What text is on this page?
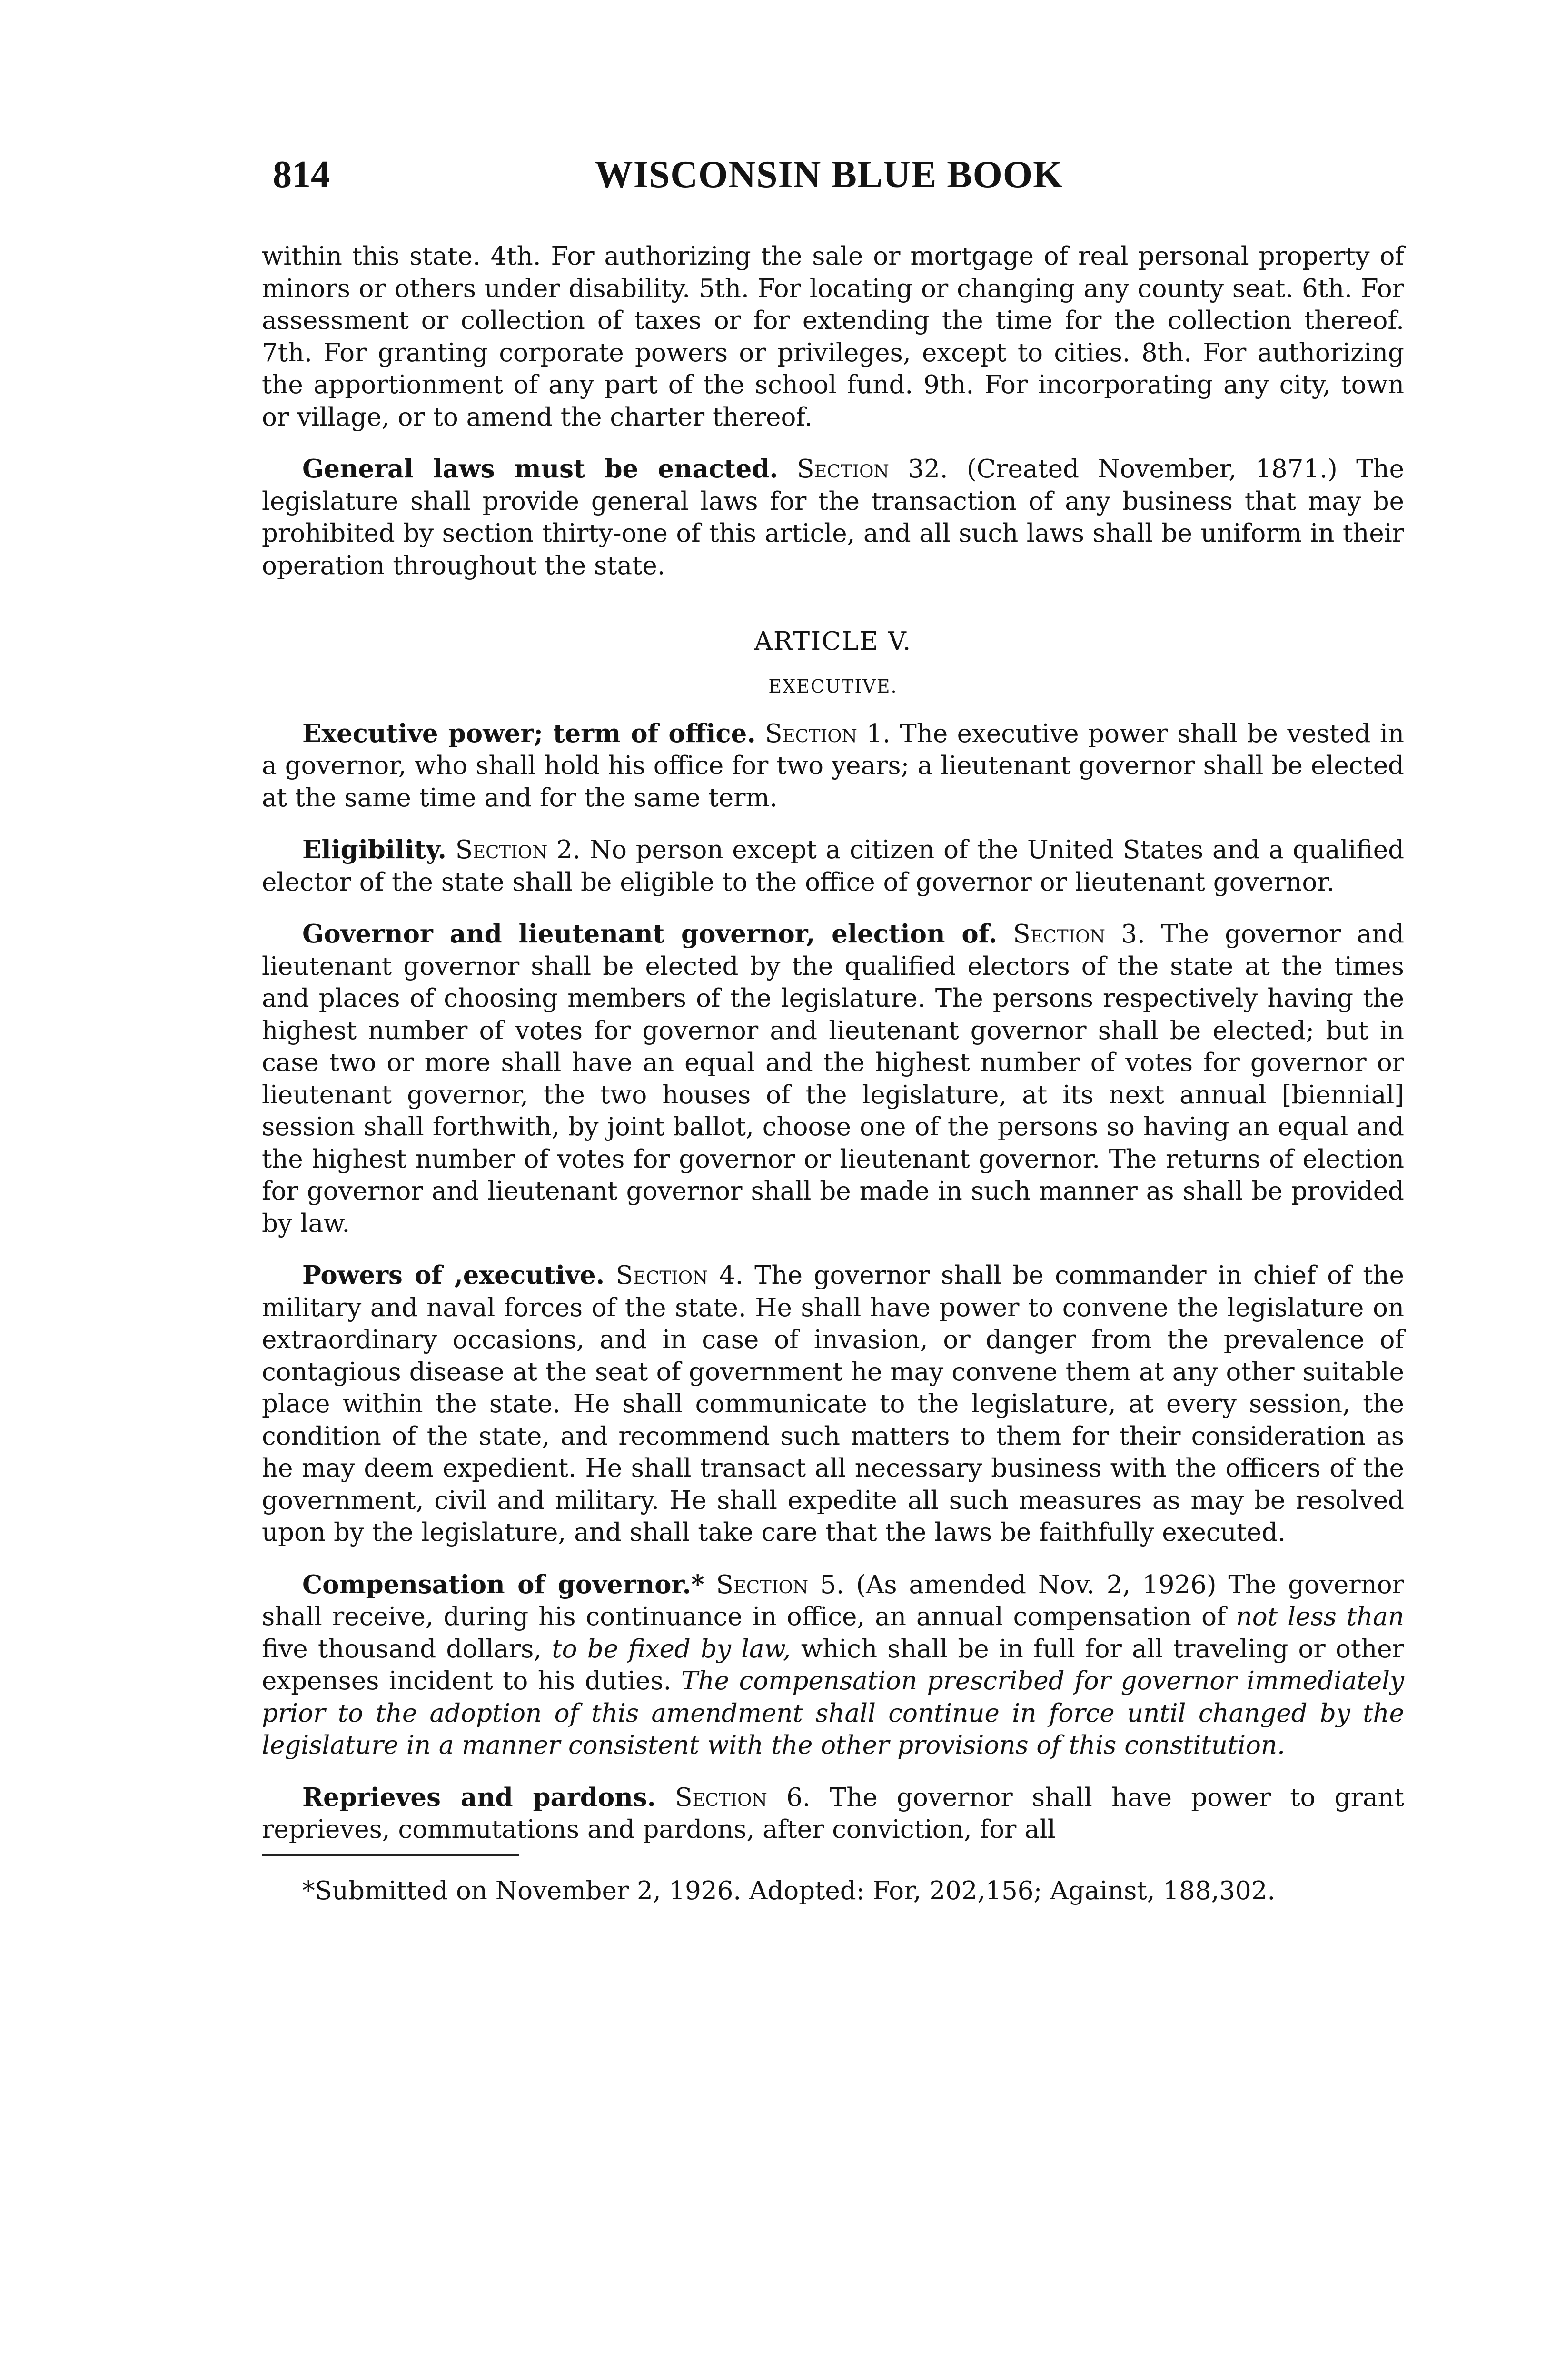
814	WISCONSIN BLUE BOOK

within this state. 4th. For authorizing the sale or mortgage of real personal property of minors or others under disability. 5th. For locating or changing any county seat. 6th. For assessment or collection of taxes or for extending the time for the collection thereof. 7th. For granting corporate powers or privileges, except to cities. 8th. For authorizing the apportionment of any part of the school fund. 9th. For incorporating any city, town or village, or to amend the charter thereof.

General laws must be enacted. Section 32. (Created November, 1871.) The legislature shall provide general laws for the transaction of any business that may be prohibited by section thirty-one of this article, and all such laws shall be uniform in their operation throughout the state.

ARTICLE V.
EXECUTIVE.

Executive power; term of office. Section 1. The executive power shall be vested in a governor, who shall hold his office for two years; a lieutenant governor shall be elected at the same time and for the same term.

Eligibility. Section 2. No person except a citizen of the United States and a qualified elector of the state shall be eligible to the office of governor or lieutenant governor.

Governor and lieutenant governor, election of. Section 3. The governor and lieutenant governor shall be elected by the qualified electors of the state at the times and places of choosing members of the legislature. The persons respectively having the highest number of votes for governor and lieutenant governor shall be elected; but in case two or more shall have an equal and the highest number of votes for governor or lieutenant governor, the two houses of the legislature, at its next annual [biennial] session shall forthwith, by joint ballot, choose one of the persons so having an equal and the highest number of votes for governor or lieutenant governor. The returns of election for governor and lieutenant governor shall be made in such manner as shall be provided by law.

Powers of ,executive. Section 4. The governor shall be commander in chief of the military and naval forces of the state. He shall have power to convene the legislature on extraordinary occasions, and in case of invasion, or danger from the prevalence of contagious disease at the seat of government he may convene them at any other suitable place within the state. He shall communicate to the legislature, at every session, the condition of the state, and recommend such matters to them for their consideration as he may deem expedient. He shall transact all necessary business with the officers of the government, civil and military. He shall expedite all such measures as may be resolved upon by the legislature, and shall take care that the laws be faithfully executed.

Compensation of governor.* Section 5. (As amended Nov. 2, 1926) The governor shall receive, during his continuance in office, an annual compensation of not less than five thousand dollars, to be fixed by law, which shall be in full for all traveling or other expenses incident to his duties. The compensation prescribed for governor immediately prior to the adoption of this amendment shall continue in force until changed by the legislature in a manner consistent with the other provisions of this constitution.

Reprieves and pardons. Section 6. The governor shall have power to grant reprieves, commutations and pardons, after conviction, for all

*Submitted on November 2, 1926. Adopted: For, 202,156; Against, 188,302.
